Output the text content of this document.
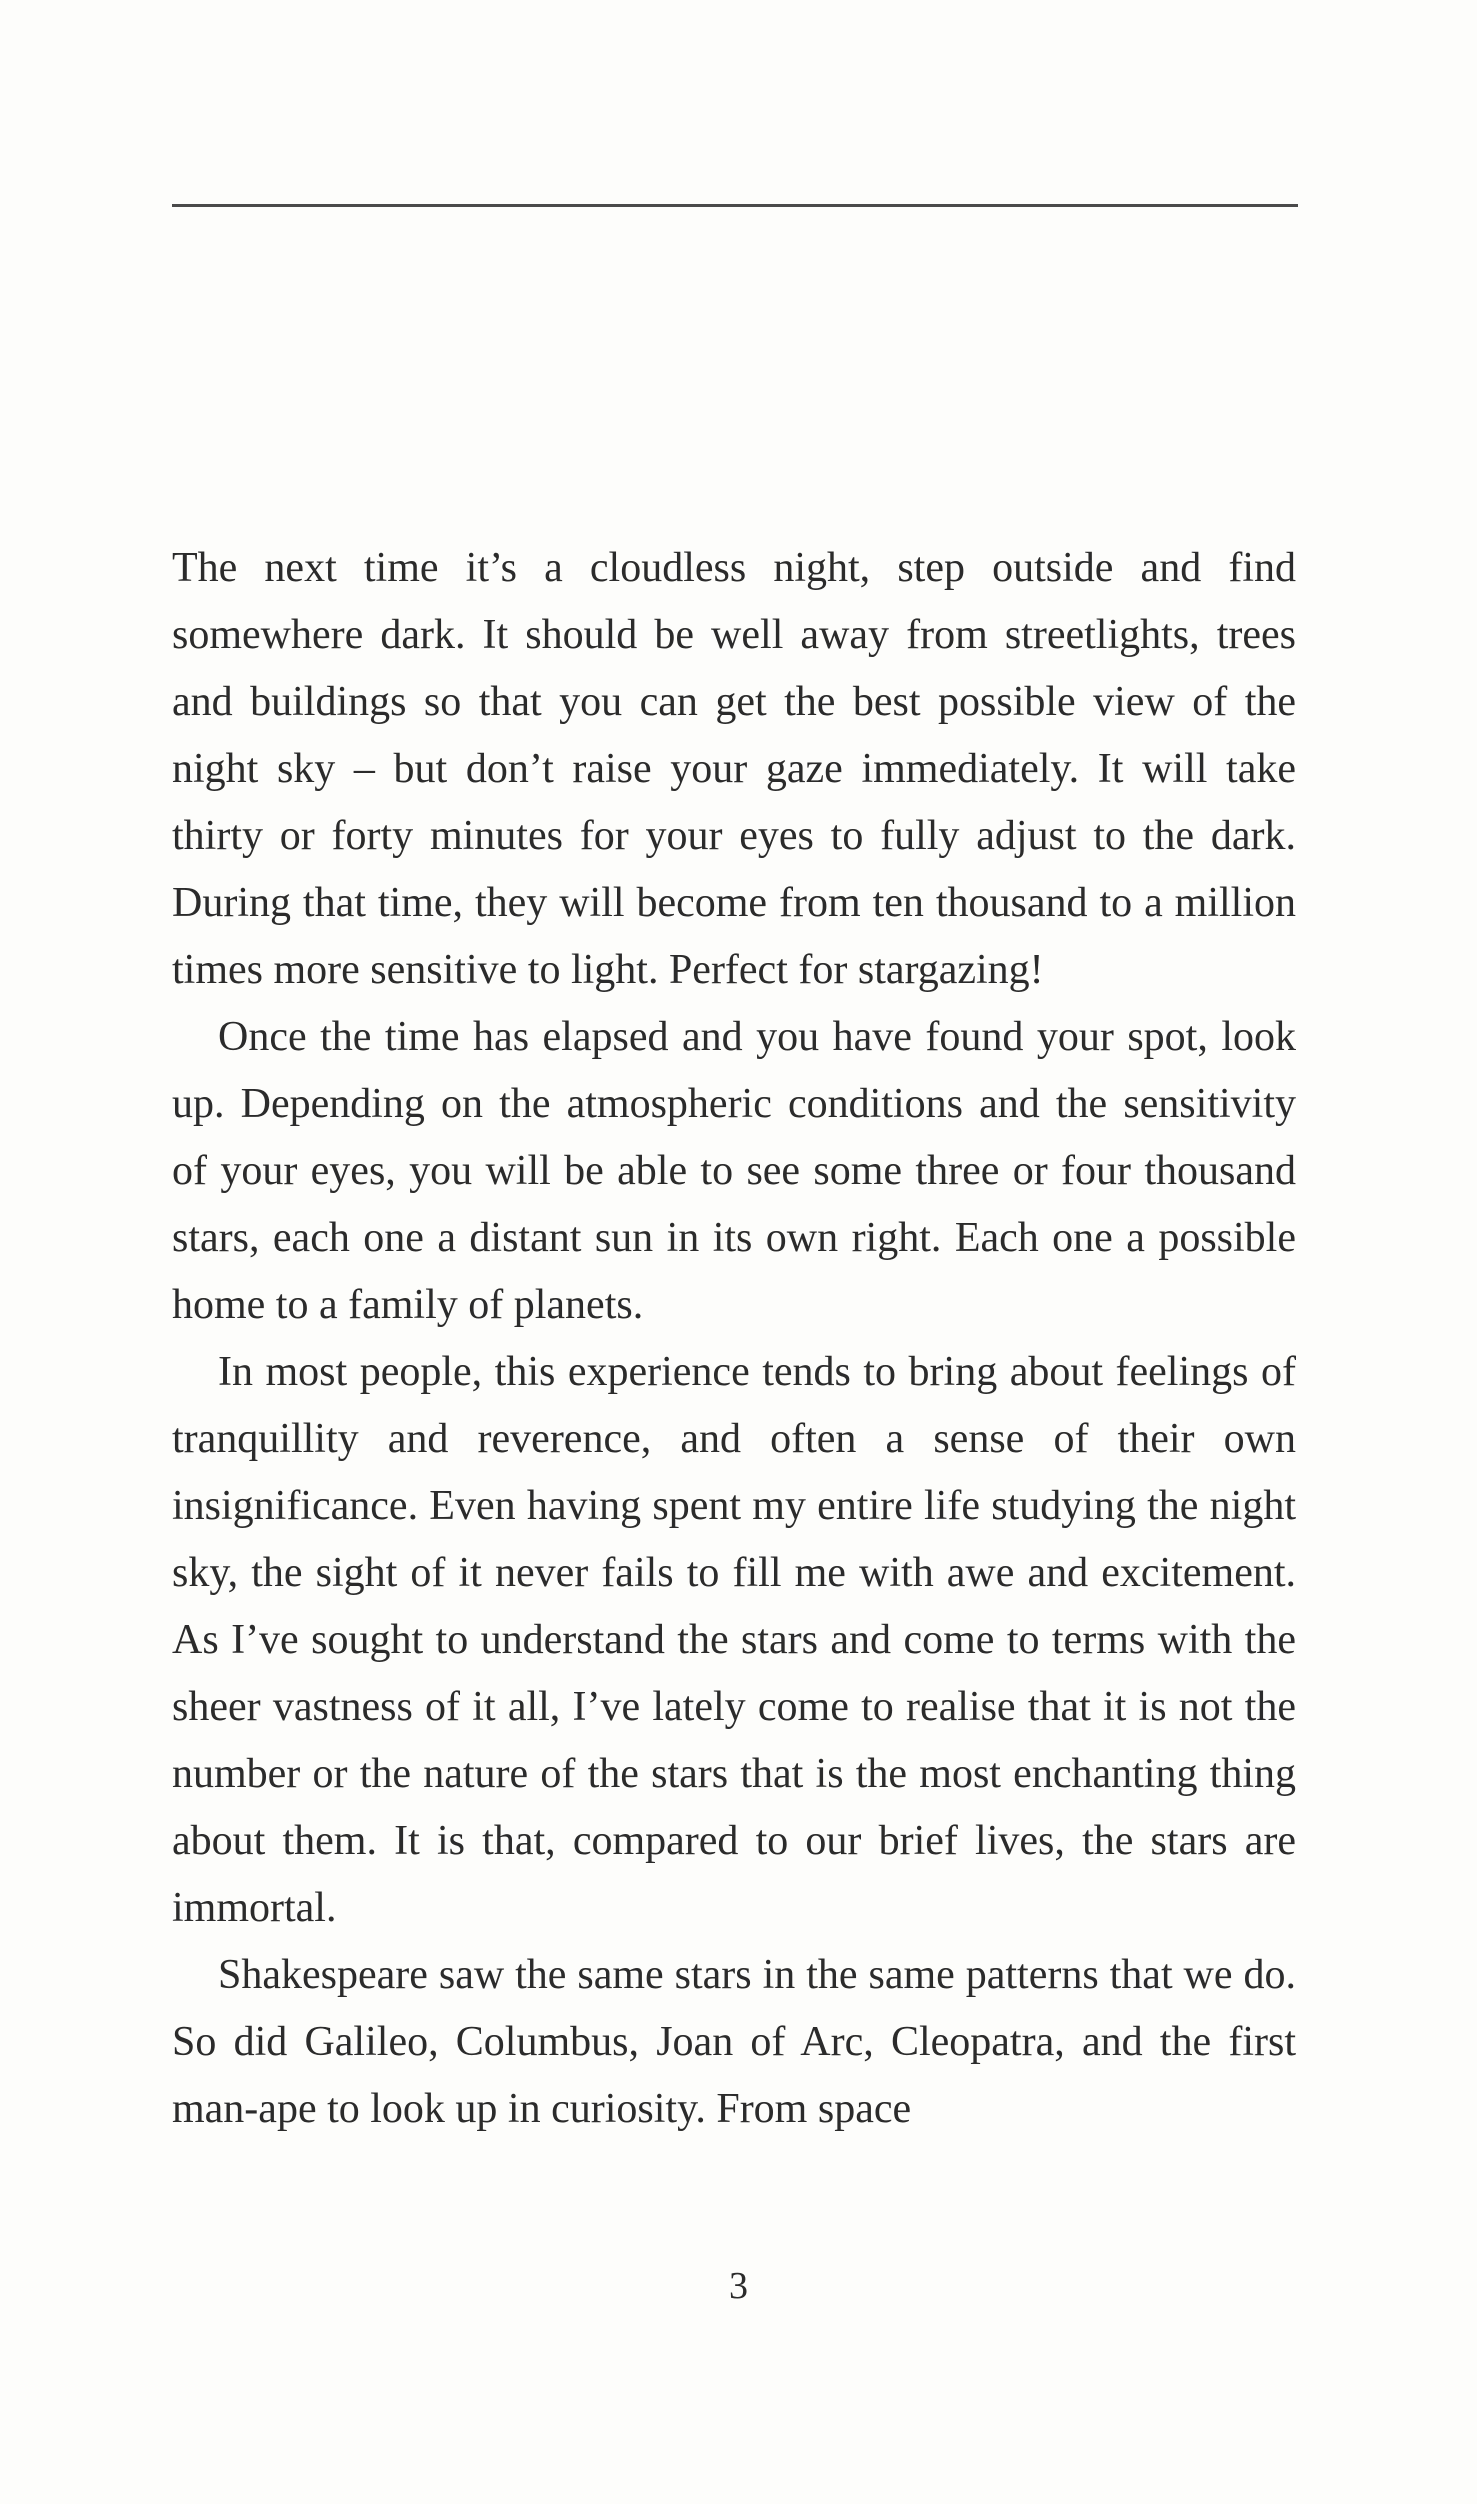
The next time it’s a cloudless night, step outside and find somewhere dark. It should be well away from streetlights, trees and buildings so that you can get the best possible view of the night sky – but don’t raise your gaze immediately. It will take thirty or forty minutes for your eyes to fully adjust to the dark. During that time, they will become from ten thousand to a million times more sensitive to light. Perfect for stargazing!

Once the time has elapsed and you have found your spot, look up. Depending on the atmospheric conditions and the sensitivity of your eyes, you will be able to see some three or four thousand stars, each one a distant sun in its own right. Each one a possible home to a family of planets.

In most people, this experience tends to bring about feelings of tranquillity and reverence, and often a sense of their own insignificance. Even having spent my entire life studying the night sky, the sight of it never fails to fill me with awe and excitement. As I’ve sought to understand the stars and come to terms with the sheer vastness of it all, I’ve lately come to realise that it is not the number or the nature of the stars that is the most enchanting thing about them. It is that, compared to our brief lives, the stars are immortal.

Shakespeare saw the same stars in the same patterns that we do. So did Galileo, Columbus, Joan of Arc, Cleopatra, and the first man-ape to look up in curiosity. From space

3
